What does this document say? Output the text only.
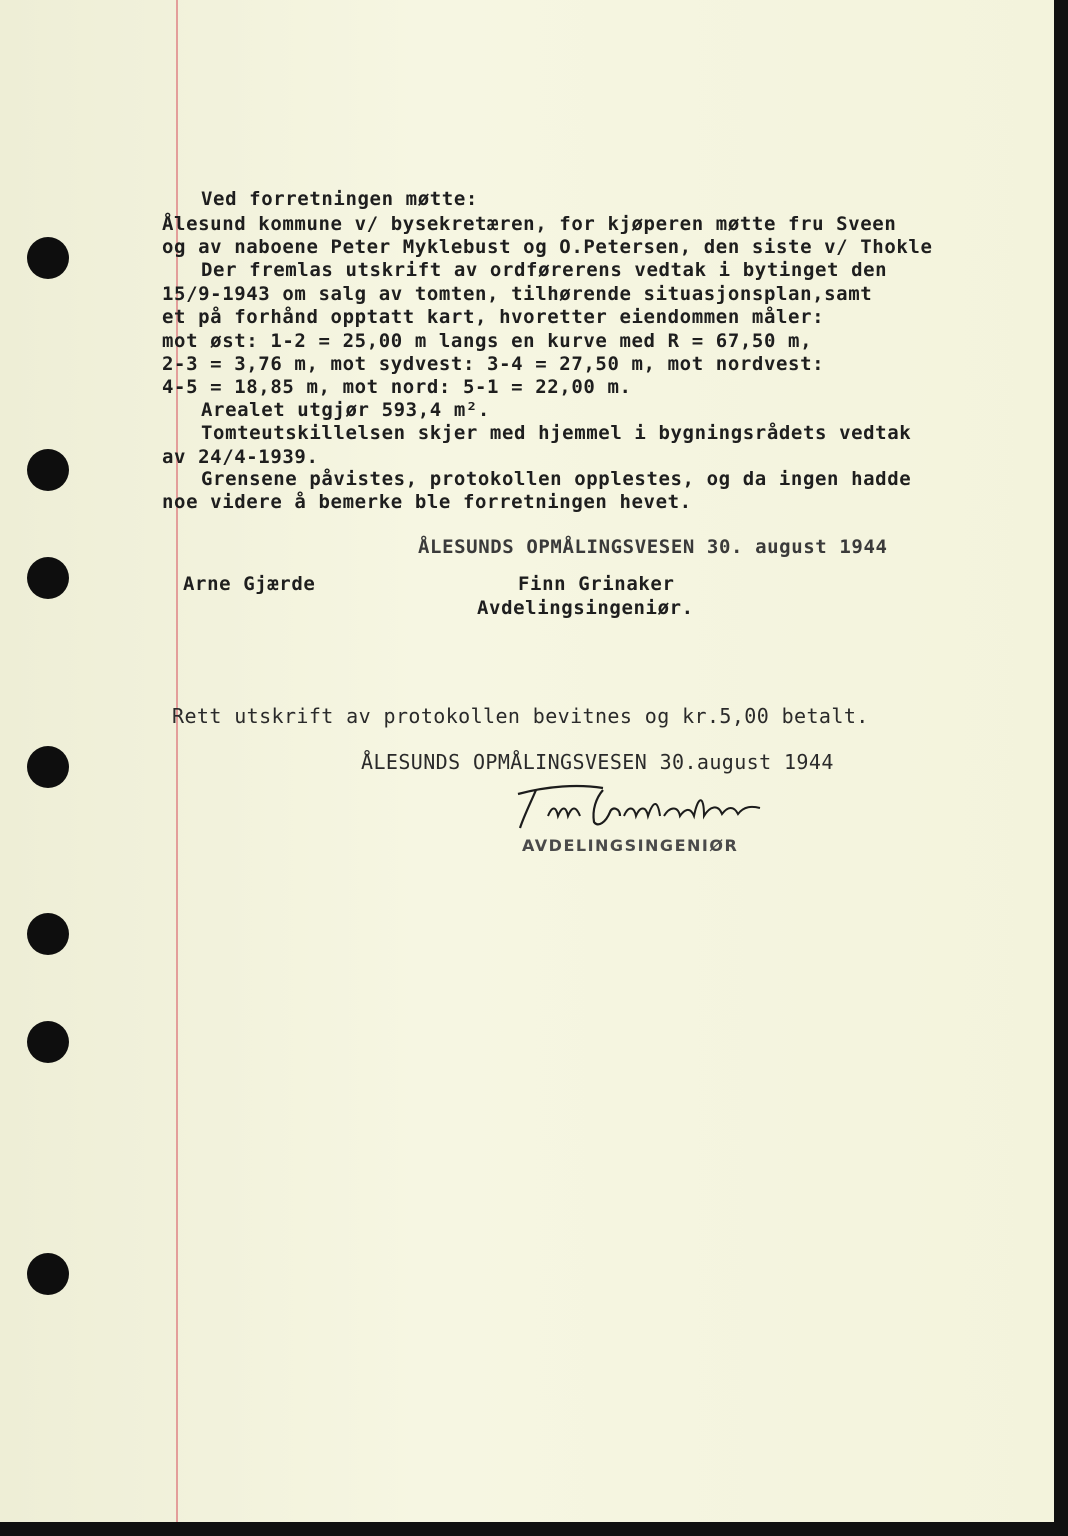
Ved forretningen møtte:
Ålesund kommune v/ bysekretæren, for kjøperen møtte fru Sveen
og av naboene Peter Myklebust og O.Petersen, den siste v/ Thokle
Der fremlas utskrift av ordførerens vedtak i bytinget den
15/9-1943 om salg av tomten, tilhørende situasjonsplan,samt
et på forhånd opptatt kart, hvoretter eiendommen måler:
mot øst: 1-2 = 25,00 m langs en kurve med R = 67,50 m,
2-3 = 3,76 m, mot sydvest: 3-4 = 27,50 m, mot nordvest:
4-5 = 18,85 m, mot nord: 5-1 = 22,00 m.
Arealet utgjør 593,4 m².
Tomteutskillelsen skjer med hjemmel i bygningsrådets vedtak
av 24/4-1939.
Grensene påvistes, protokollen opplestes, og da ingen hadde
noe videre å bemerke ble forretningen hevet.
ÅLESUNDS OPMÅLINGSVESEN 30. august 1944
Arne Gjærde	Finn Grinaker
Avdelingsingeniør.
Rett utskrift av protokollen bevitnes og kr.5,00 betalt.
ÅLESUNDS OPMÅLINGSVESEN 30.august 1944
AVDELINGSINGENIØR
